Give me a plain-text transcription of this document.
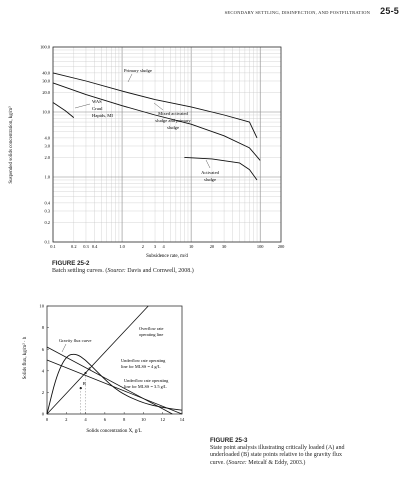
SECONDARY SETTLING, DISINFECTION, AND POSTFILTRATION 25-5
100.0
40.0
30.0
20.0
10.0
4.0
3.0
2.0
1.0
0.4
0.3
0.2
0.1
0.1	0.2 0.3 0.4	1.0	2 3 4	10	20 30	100	200
Subsidence rate, m/d
Suspended solids concentration, kg/m³
Primary sludge
WAS
Cruul
Haptds, MI	Mixed activated
sludge and primary
sludge
Activated
sludge
0	2	4	6	8	10	12	14
0
2
4
6
8
10
A
B
Solids concentration X, g/L
Solids flux, kg/m² · h
Overflow rate
operating line
Gravity flux curve
Underflow rate operating
line for MLSS = 4 g/L
Underflow rate operating
line for MLSS = 3.5 g/L
FIGURE 25-2
Batch settling curves. (Source: Davis and Cornwell, 2008.)
FIGURE 25-3
State point analysis illustrating critically loaded (A) and
underloaded (B) state points relative to the gravity flux
curve. (Source: Metcalf & Eddy, 2003.)
